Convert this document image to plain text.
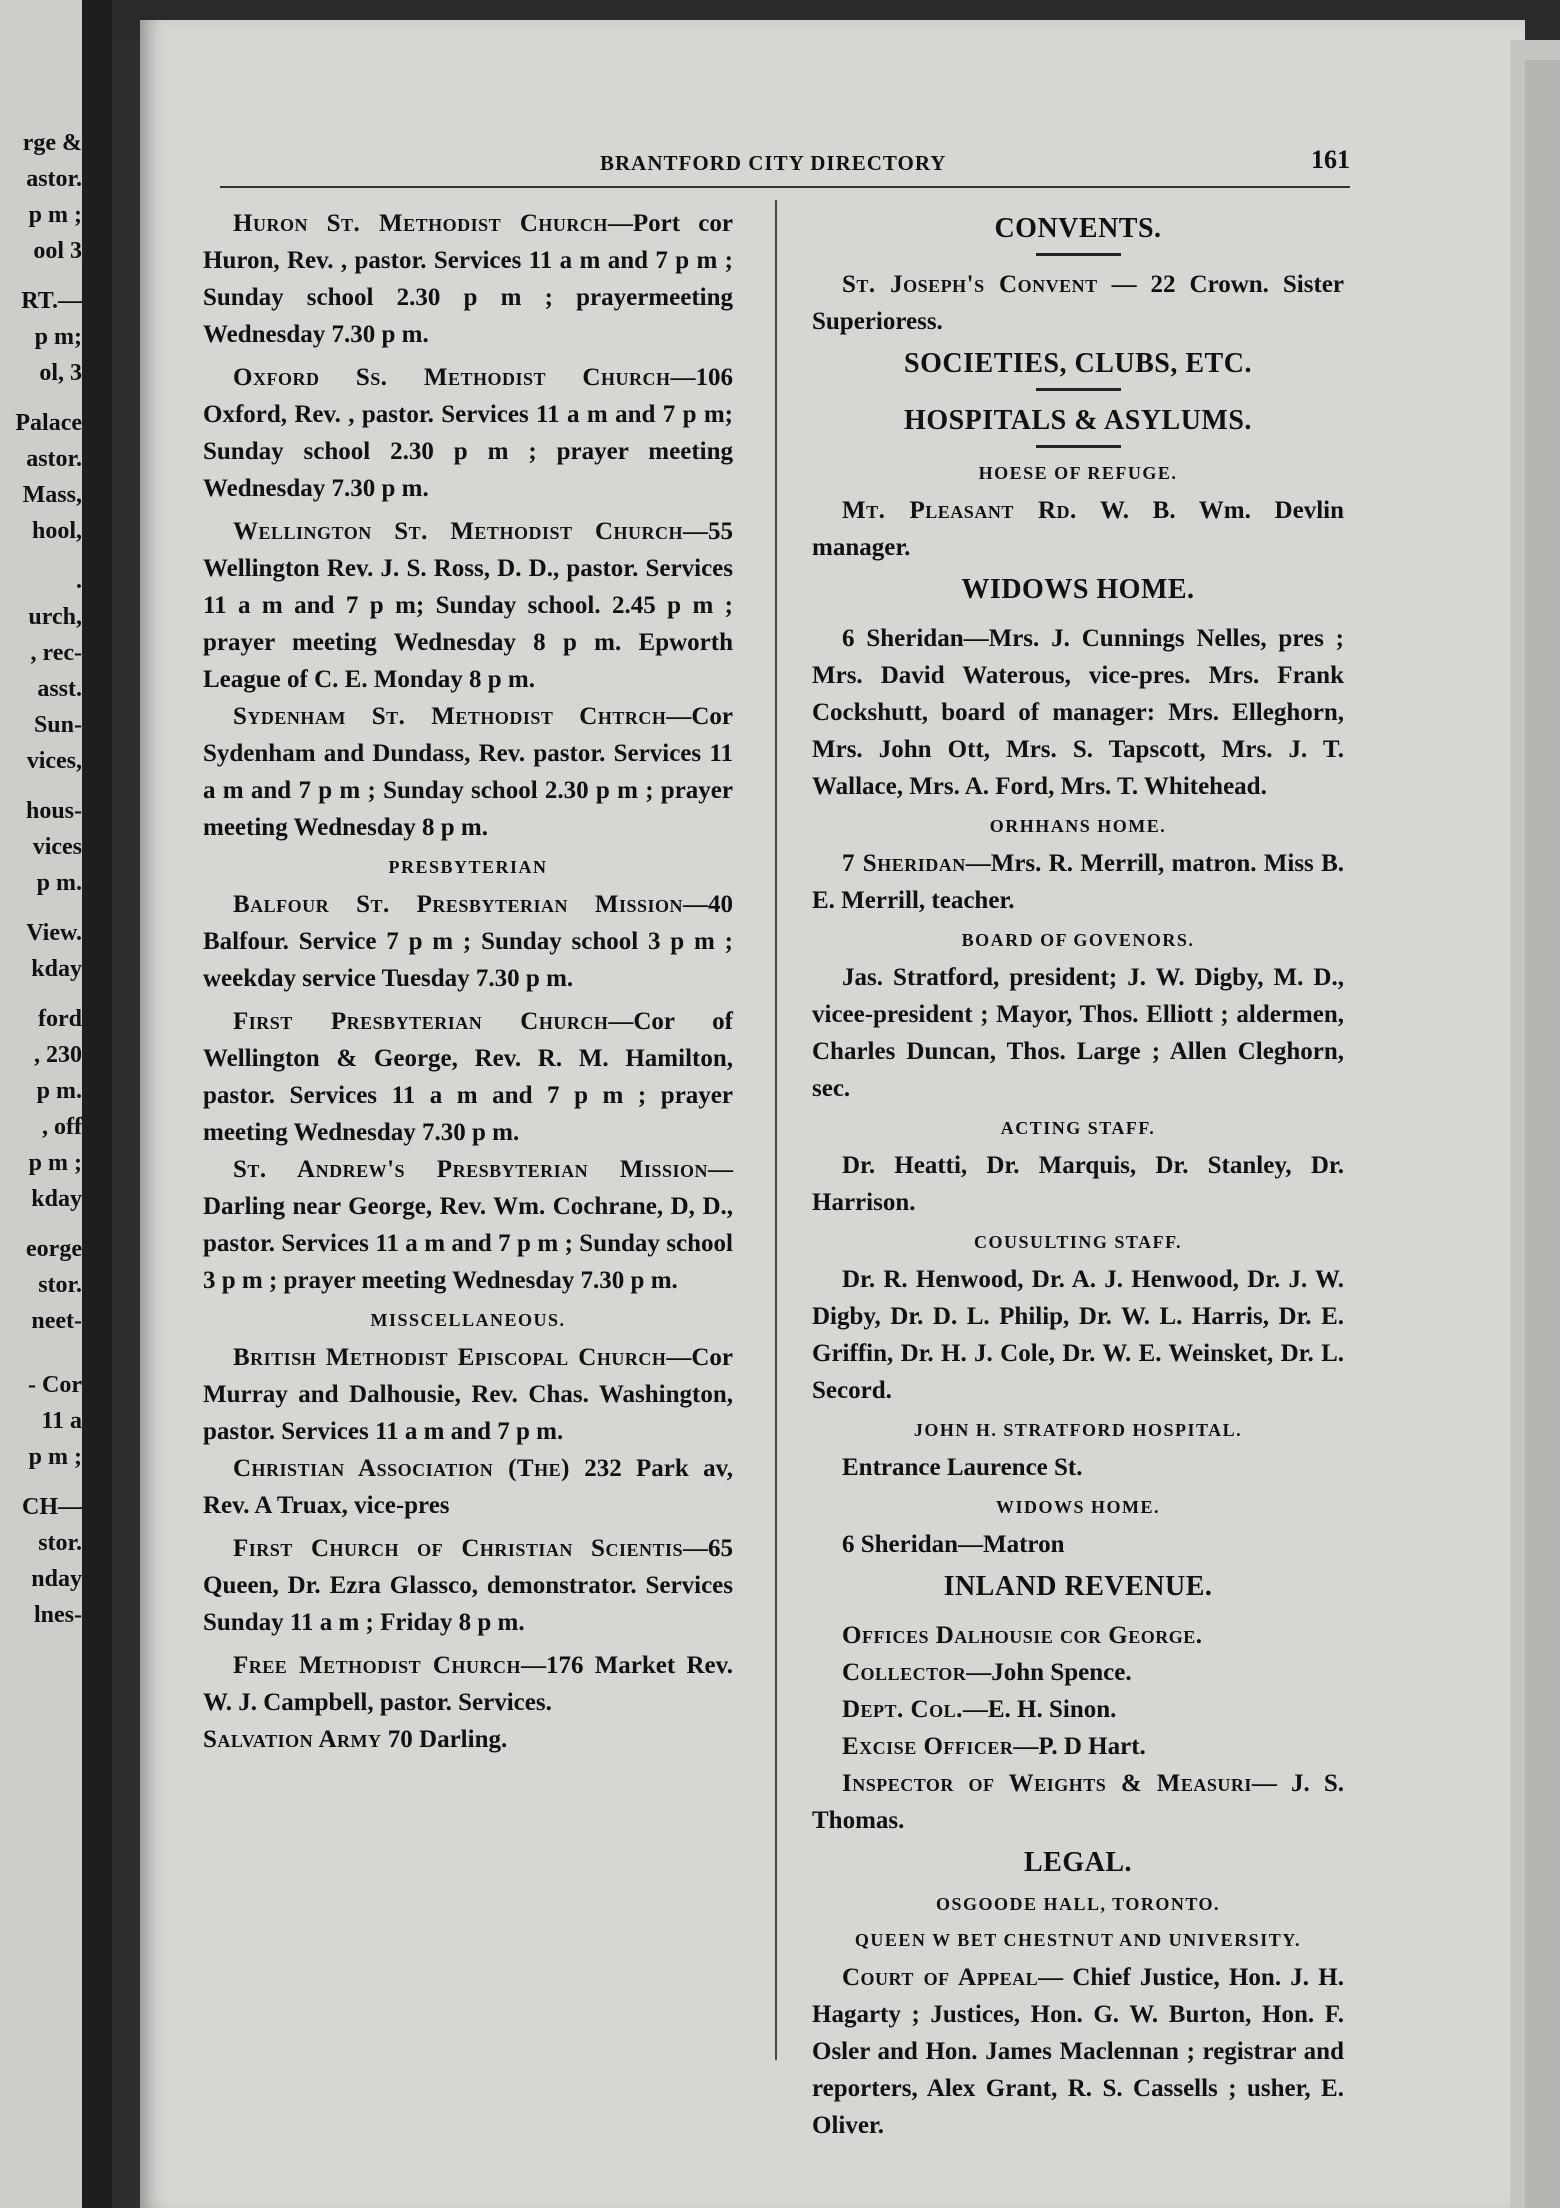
rge &
astor.
p m ;
ool 3
RT.—
p m;
ol, 3
Palace
astor.
Mass,
hool,
.
urch,
, rec-
asst.
Sun-
vices,
hous-
vices
p m.
View.
kday
ford
, 230
p m.
, off
p m ;
kday
eorge
stor.
neet-
- Cor
11 a
p m ;
CH—
stor.
nday
lnes-
BRANTFORD CITY DIRECTORY	161

Huron St. Methodist Church—Port cor Huron, Rev. , pastor. Services 11 a m and 7 p m ; Sunday school 2.30 p m ; prayermeeting Wednesday 7.30 p m.

Oxford Ss. Methodist Church—106 Oxford, Rev. , pastor. Services 11 a m and 7 p m; Sunday school 2.30 p m ; prayer meeting Wednesday 7.30 p m.

Wellington St. Methodist Church—55 Wellington Rev. J. S. Ross, D. D., pastor. Services 11 a m and 7 p m; Sunday school. 2.45 p m ; prayer meeting Wednesday 8 p m. Epworth League of C. E. Monday 8 p m.

Sydenham St. Methodist Chtrch—Cor Sydenham and Dundass, Rev. pastor. Services 11 a m and 7 p m ; Sunday school 2.30 p m ; prayer meeting Wednesday 8 p m.

PRESBYTERIAN

Balfour St. Presbyterian Mission—40 Balfour. Service 7 p m ; Sunday school 3 p m ; weekday service Tuesday 7.30 p m.

First Presbyterian Church—Cor of Wellington & George, Rev. R. M. Hamilton, pastor. Services 11 a m and 7 p m ; prayer meeting Wednesday 7.30 p m.

St. Andrew's Presbyterian Mission—Darling near George, Rev. Wm. Cochrane, D, D., pastor. Services 11 a m and 7 p m ; Sunday school 3 p m ; prayer meeting Wednesday 7.30 p m.

MISSCELLANEOUS.

British Methodist Episcopal Church—Cor Murray and Dalhousie, Rev. Chas. Washington, pastor. Services 11 a m and 7 p m.

Christian Association (The) 232 Park av, Rev. A Truax, vice-pres

First Church of Christian Scientis—65 Queen, Dr. Ezra Glassco, demonstrator. Services Sunday 11 a m ; Friday 8 p m.

Free Methodist Church—176 Market Rev. W. J. Campbell, pastor. Services.

Salvation Army 70 Darling.

CONVENTS.

St. Joseph's Convent — 22 Crown. Sister Superioress.

SOCIETIES, CLUBS, ETC.
HOSPITALS & ASYLUMS.
HOESE OF REFUGE.

Mt. Pleasant Rd. W. B. Wm. Devlin manager.

WIDOWS HOME.

6 Sheridan—Mrs. J. Cunnings Nelles, pres ; Mrs. David Waterous, vice-pres. Mrs. Frank Cockshutt, board of manager: Mrs. Elleghorn, Mrs. John Ott, Mrs. S. Tapscott, Mrs. J. T. Wallace, Mrs. A. Ford, Mrs. T. Whitehead.

ORHHANS HOME.

7 Sheridan—Mrs. R. Merrill, matron. Miss B. E. Merrill, teacher.

BOARD OF GOVENORS.

Jas. Stratford, president; J. W. Digby, M. D., vicee-president ; Mayor, Thos. Elliott ; aldermen, Charles Duncan, Thos. Large ; Allen Cleghorn, sec.

ACTING STAFF.

Dr. Heatti, Dr. Marquis, Dr. Stanley, Dr. Harrison.

COUSULTING STAFF.

Dr. R. Henwood, Dr. A. J. Henwood, Dr. J. W. Digby, Dr. D. L. Philip, Dr. W. L. Harris, Dr. E. Griffin, Dr. H. J. Cole, Dr. W. E. Weinsket, Dr. L. Secord.

JOHN H. STRATFORD HOSPITAL.

Entrance Laurence St.

WIDOWS HOME.

6 Sheridan—Matron

INLAND REVENUE.

Offices Dalhousie cor George.

Collector—John Spence.

Dept. Col.—E. H. Sinon.

Excise Officer—P. D Hart.

Inspector of Weights & Measuri— J. S. Thomas.

LEGAL.
OSGOODE HALL, TORONTO.
QUEEN W BET CHESTNUT AND UNIVERSITY.

Court of Appeal— Chief Justice, Hon. J. H. Hagarty ; Justices, Hon. G. W. Burton, Hon. F. Osler and Hon. James Maclennan ; registrar and reporters, Alex Grant, R. S. Cassells ; usher, E. Oliver.
